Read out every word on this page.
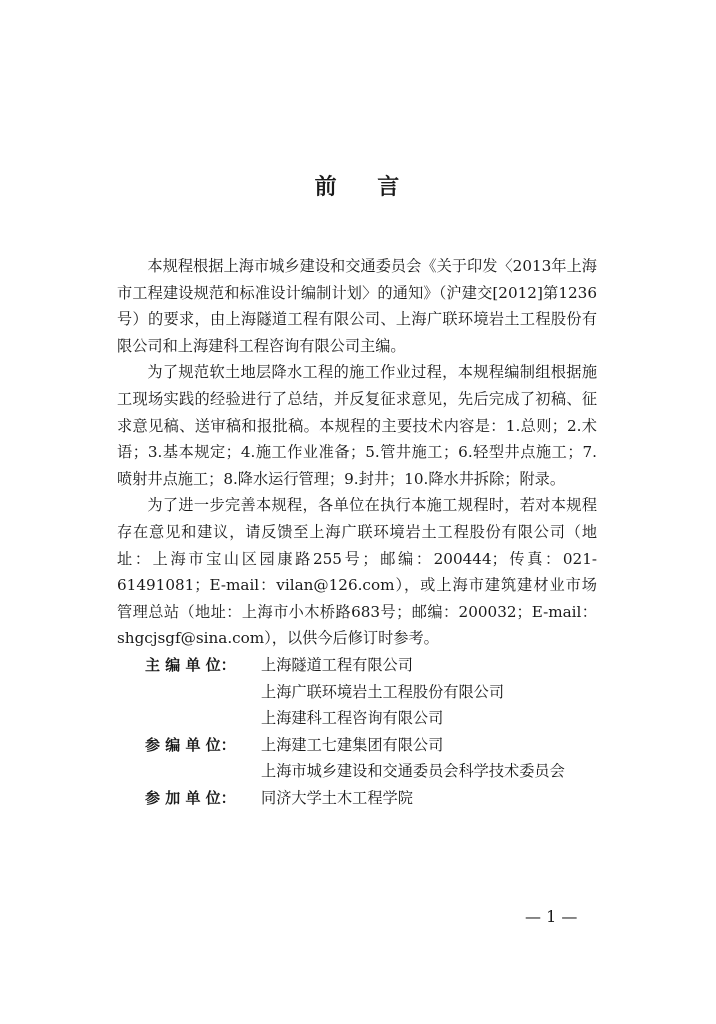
前    言

本规程根据上海市城乡建设和交通委员会《关于印发〈2013年上海市工程建设规范和标准设计编制计划〉的通知》（沪建交[2012]第1236号）的要求，由上海隧道工程有限公司、上海广联环境岩土工程股份有限公司和上海建科工程咨询有限公司主编。

为了规范软土地层降水工程的施工作业过程，本规程编制组根据施工现场实践的经验进行了总结，并反复征求意见，先后完成了初稿、征求意见稿、送审稿和报批稿。本规程的主要技术内容是：1.总则；2.术语；3.基本规定；4.施工作业准备；5.管井施工；6.轻型井点施工；7.喷射井点施工；8.降水运行管理；9.封井；10.降水井拆除；附录。

为了进一步完善本规程，各单位在执行本施工规程时，若对本规程存在意见和建议，请反馈至上海广联环境岩土工程股份有限公司（地址：上海市宝山区园康路255号；邮编：200444；传真：021-61491081；E-mail：vilan@126.com），或上海市建筑建材业市场管理总站（地址：上海市小木桥路683号；邮编：200032；E-mail：shgcjsgf@sina.com），以供今后修订时参考。

主 编 单 位： 上海隧道工程有限公司
上海广联环境岩土工程股份有限公司
上海建科工程咨询有限公司
参 编 单 位： 上海建工七建集团有限公司
上海市城乡建设和交通委员会科学技术委员会
参 加 单 位： 同济大学土木工程学院
— 1 —
